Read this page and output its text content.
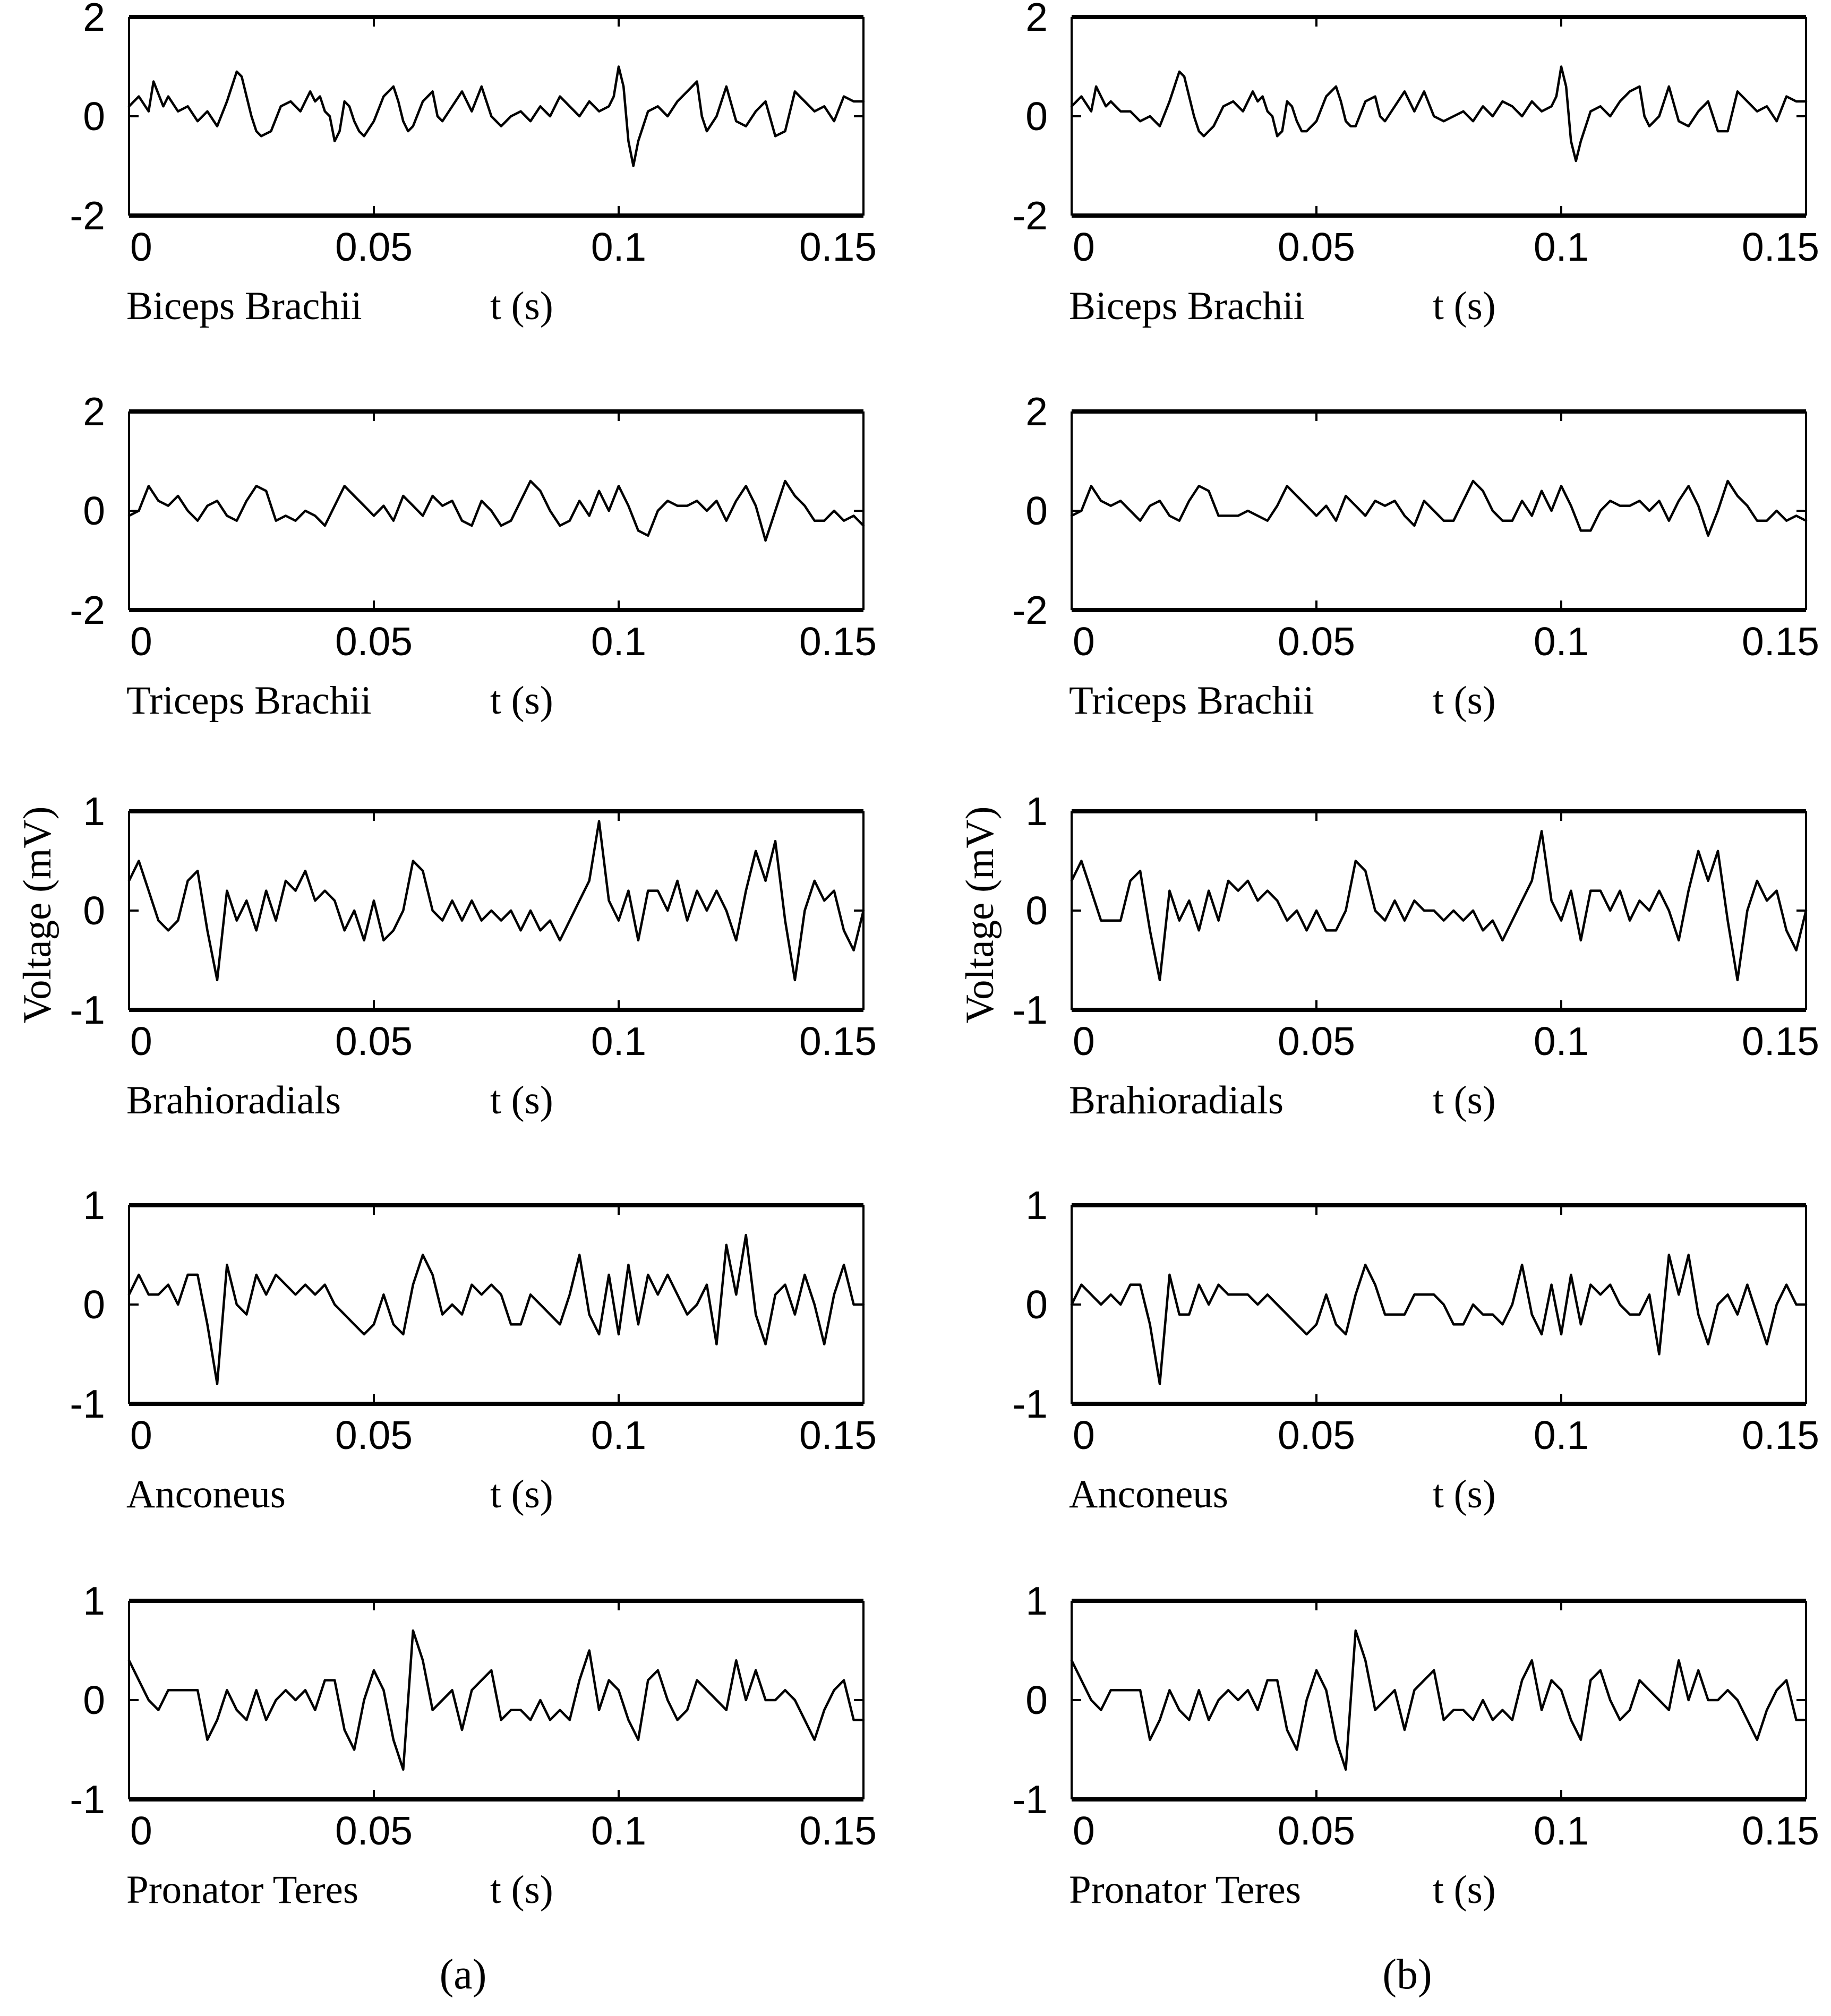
0	0.05	0.1	0.15
-2
0
2
Biceps Brachii	t (s)
0	0.05	0.1	0.15
-2
0
2
Triceps Brachii	t (s)
0	0.05	0.1	0.15
-1
0
1
Brahioradials	t (s)
0	0.05	0.1	0.15
-1
0
1
Anconeus	t (s)
0	0.05	0.1	0.15
-1
0
1
Pronator Teres	t (s)
0	0.05	0.1	0.15
-2
0
2
Biceps Brachii	t (s)
0	0.05	0.1	0.15
-2
0
2
Triceps Brachii	t (s)
0	0.05	0.1	0.15
-1
0
1
Brahioradials	t (s)
0	0.05	0.1	0.15
-1
0
1
Anconeus	t (s)
0	0.05	0.1	0.15
-1
0
1
Pronator Teres	t (s)
Voltage (mV)	Voltage (mV)
(a)	(b)
